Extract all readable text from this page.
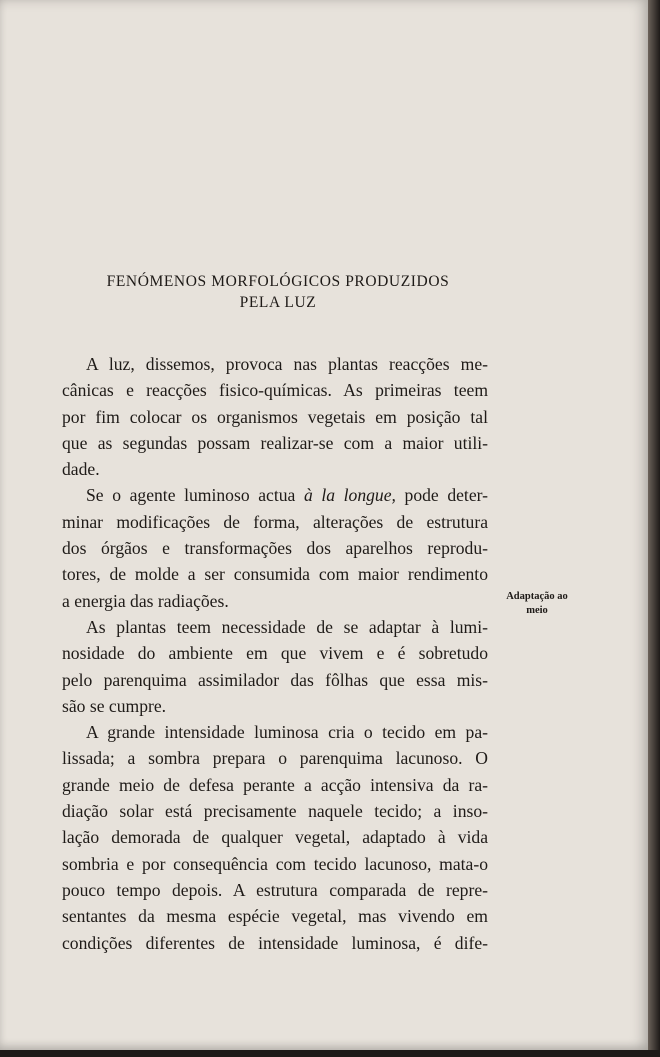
FENÓMENOS MORFOLÓGICOS PRODUZIDOS
PELA LUZ
A luz, dissemos, provoca nas plantas reacções me-
cânicas e reacções fisico-químicas. As primeiras teem
por fim colocar os organismos vegetais em posição tal
que as segundas possam realizar-se com a maior utili-
dade.
Se o agente luminoso actua à la longue, pode deter-
minar modificações de forma, alterações de estrutura
dos órgãos e transformações dos aparelhos reprodu-
tores, de molde a ser consumida com maior rendimento
a energia das radiações.
As plantas teem necessidade de se adaptar à lumi-
nosidade do ambiente em que vivem e é sobretudo
pelo parenquima assimilador das fôlhas que essa mis-
são se cumpre.
A grande intensidade luminosa cria o tecido em pa-
lissada; a sombra prepara o parenquima lacunoso. O
grande meio de defesa perante a acção intensiva da ra-
diação solar está precisamente naquele tecido; a inso-
lação demorada de qualquer vegetal, adaptado à vida
sombria e por consequência com tecido lacunoso, mata-o
pouco tempo depois. A estrutura comparada de repre-
sentantes da mesma espécie vegetal, mas vivendo em
condições diferentes de intensidade luminosa, é dife-
Adaptação ao
meio
